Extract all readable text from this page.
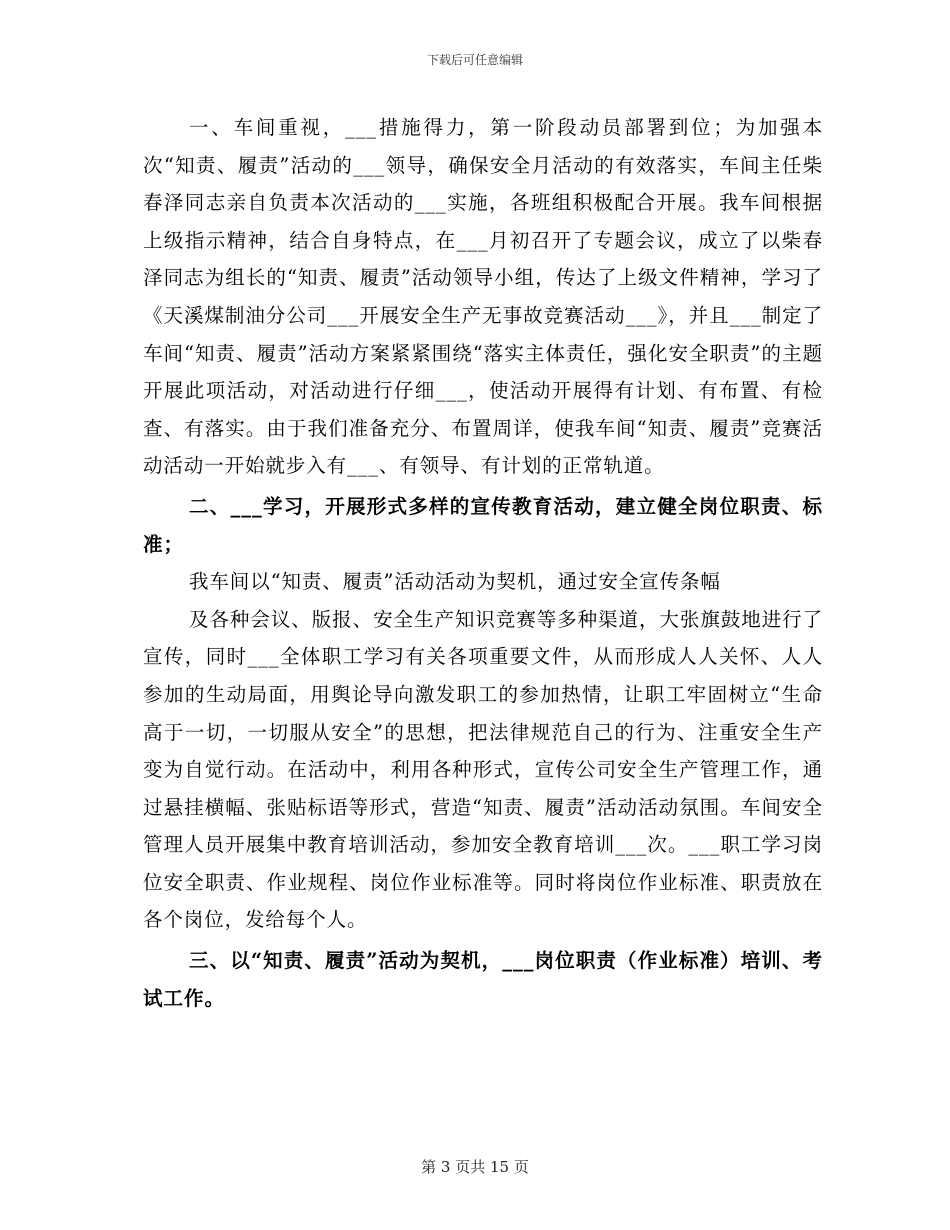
下载后可任意编辑

一、车间重视，___措施得力，第一阶段动员部署到位；为加强本次“知责、履责”活动的___领导，确保安全月活动的有效落实，车间主任柴春泽同志亲自负责本次活动的___实施，各班组积极配合开展。我车间根据上级指示精神，结合自身特点，在___月初召开了专题会议，成立了以柴春泽同志为组长的“知责、履责”活动领导小组，传达了上级文件精神，学习了《天溪煤制油分公司___开展安全生产无事故竞赛活动___》，并且___制定了车间“知责、履责”活动方案紧紧围绕“落实主体责任，强化安全职责”的主题开展此项活动，对活动进行仔细___，使活动开展得有计划、有布置、有检查、有落实。由于我们准备充分、布置周详，使我车间“知责、履责”竞赛活动活动一开始就步入有___、有领导、有计划的正常轨道。

二、___学习，开展形式多样的宣传教育活动，建立健全岗位职责、标准；

我车间以“知责、履责”活动活动为契机，通过安全宣传条幅

及各种会议、版报、安全生产知识竞赛等多种渠道，大张旗鼓地进行了宣传，同时___全体职工学习有关各项重要文件，从而形成人人关怀、人人参加的生动局面，用舆论导向激发职工的参加热情，让职工牢固树立“生命高于一切，一切服从安全”的思想，把法律规范自己的行为、注重安全生产变为自觉行动。在活动中，利用各种形式，宣传公司安全生产管理工作，通过悬挂横幅、张贴标语等形式，营造“知责、履责”活动活动氛围。车间安全管理人员开展集中教育培训活动，参加安全教育培训___次。___职工学习岗位安全职责、作业规程、岗位作业标准等。同时将岗位作业标准、职责放在各个岗位，发给每个人。

三、以“知责、履责”活动为契机，___岗位职责（作业标准）培训、考试工作。

第 3 页共 15 页
